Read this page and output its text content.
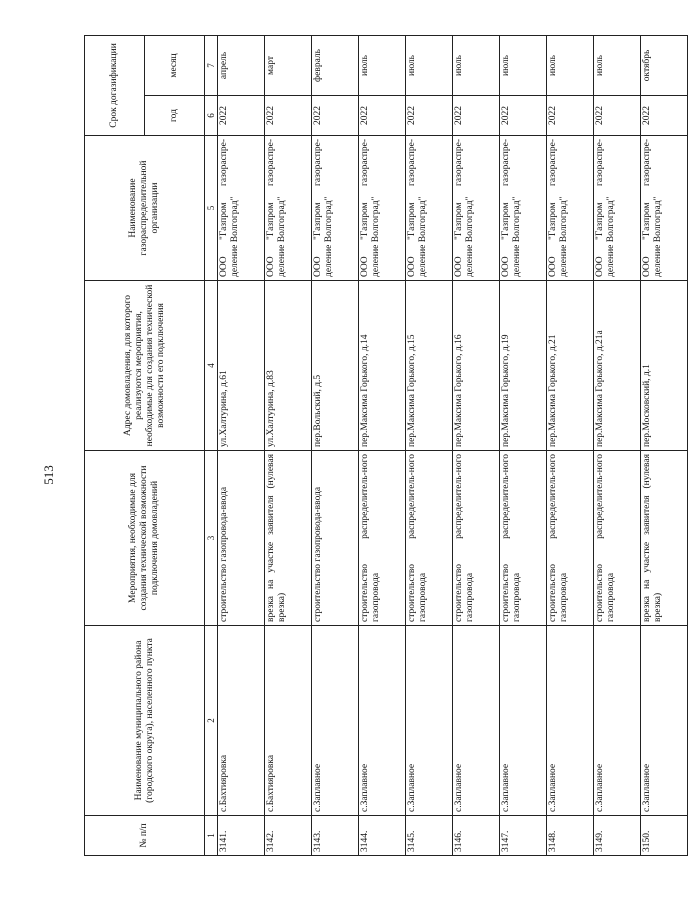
513
№ п/п	Наименование муниципального района (городского округа), населенного пункта	Мероприятия, необходимые для создания технической возможности подключения домовладений	Адрес домовладения, для которого реализуются мероприятия, необходимые для создания технической возможности его подключения	Наименование газораспределительной организации	Срок догазификации	
					год	месяц
1	2	3	4	5	6	7
3141.	с.Бахтияровка	строительство газопровода-ввода	ул.Халтурина, д.61	ООО "Газпром газораспре-деление Волгоград"	2022	апрель
3142.	с.Бахтияровка	врезка на участке заявителя (нулевая врезка)	ул.Халтурина, д.83	ООО "Газпром газораспре-деление Волгоград"	2022	март
3143.	с.Заплавное	строительство газопровода-ввода	пер.Вольский, д.5	ООО "Газпром газораспре-деление Волгоград"	2022	февраль
3144.	с.Заплавное	строительство распределитель-ного газопровода	пер.Максима Горького, д.14	ООО "Газпром газораспре-деление Волгоград"	2022	июль
3145.	с.Заплавное	строительство распределитель-ного газопровода	пер.Максима Горького, д.15	ООО "Газпром газораспре-деление Волгоград"	2022	июль
3146.	с.Заплавное	строительство распределитель-ного газопровода	пер.Максима Горького, д.16	ООО "Газпром газораспре-деление Волгоград"	2022	июль
3147.	с.Заплавное	строительство распределитель-ного газопровода	пер.Максима Горького, д.19	ООО "Газпром газораспре-деление Волгоград"	2022	июль
3148.	с.Заплавное	строительство распределитель-ного газопровода	пер.Максима Горького, д.21	ООО "Газпром газораспре-деление Волгоград"	2022	июль
3149.	с.Заплавное	строительство распределитель-ного газопровода	пер.Максима Горького, д.21а	ООО "Газпром газораспре-деление Волгоград"	2022	июль
3150.	с.Заплавное	врезка на участке заявителя (нулевая врезка)	пер.Московский, д.1	ООО "Газпром газораспре-деление Волгоград"	2022	октябрь
